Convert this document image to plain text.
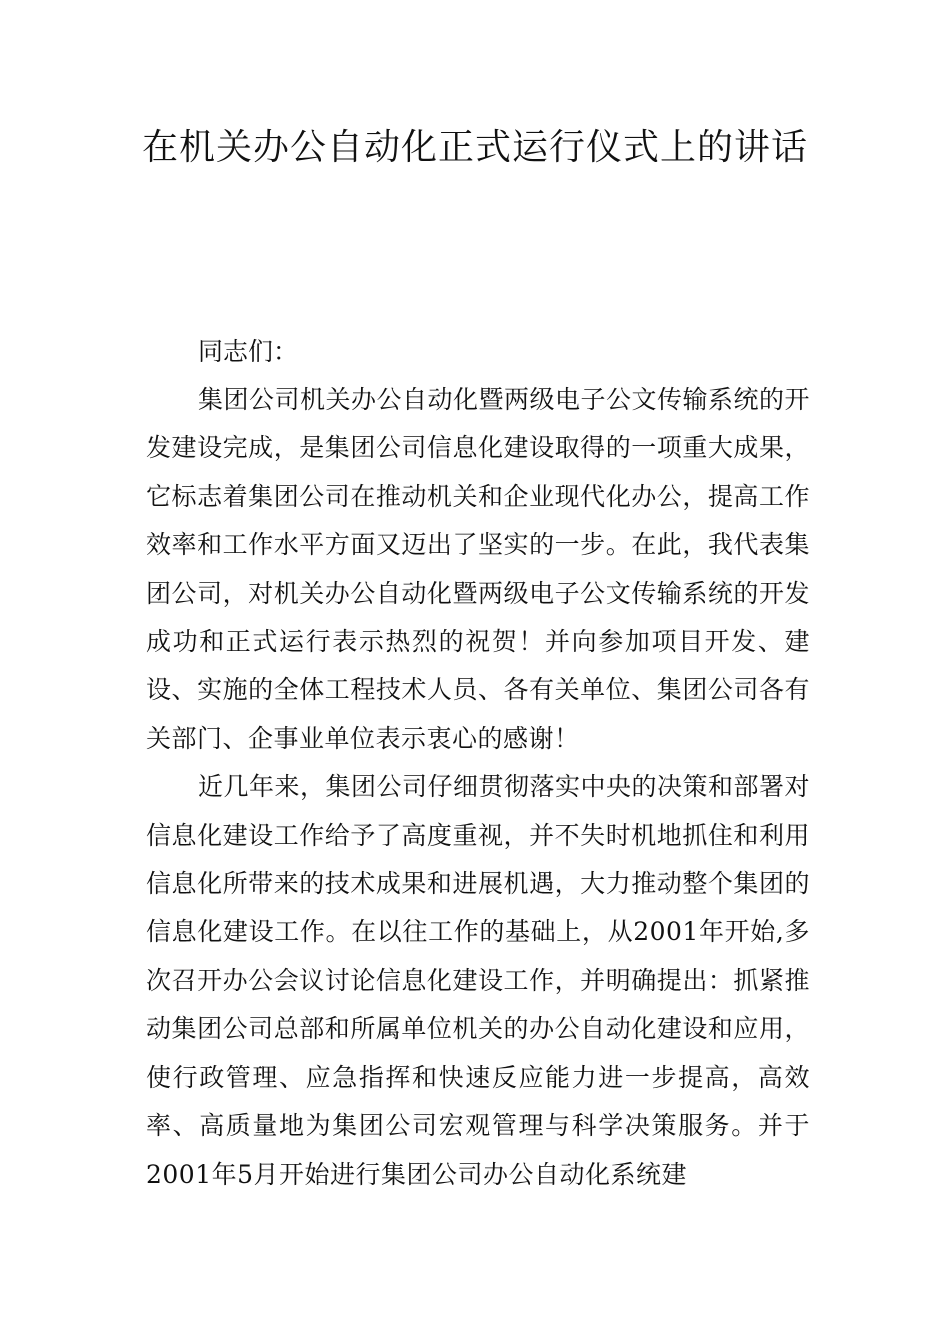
在机关办公自动化正式运行仪式上的讲话

同志们：

集团公司机关办公自动化暨两级电子公文传输系统的开发建设完成，是集团公司信息化建设取得的一项重大成果，它标志着集团公司在推动机关和企业现代化办公，提高工作效率和工作水平方面又迈出了坚实的一步。在此，我代表集团公司，对机关办公自动化暨两级电子公文传输系统的开发成功和正式运行表示热烈的祝贺！并向参加项目开发、建设、实施的全体工程技术人员、各有关单位、集团公司各有关部门、企事业单位表示衷心的感谢！

近几年来，集团公司仔细贯彻落实中央的决策和部署对信息化建设工作给予了高度重视，并不失时机地抓住和利用信息化所带来的技术成果和进展机遇，大力推动整个集团的信息化建设工作。在以往工作的基础上，从2001年开始,多次召开办公会议讨论信息化建设工作，并明确提出：抓紧推动集团公司总部和所属单位机关的办公自动化建设和应用，使行政管理、应急指挥和快速反应能力进一步提高，高效率、高质量地为集团公司宏观管理与科学决策服务。并于2001年5月开始进行集团公司办公自动化系统建
